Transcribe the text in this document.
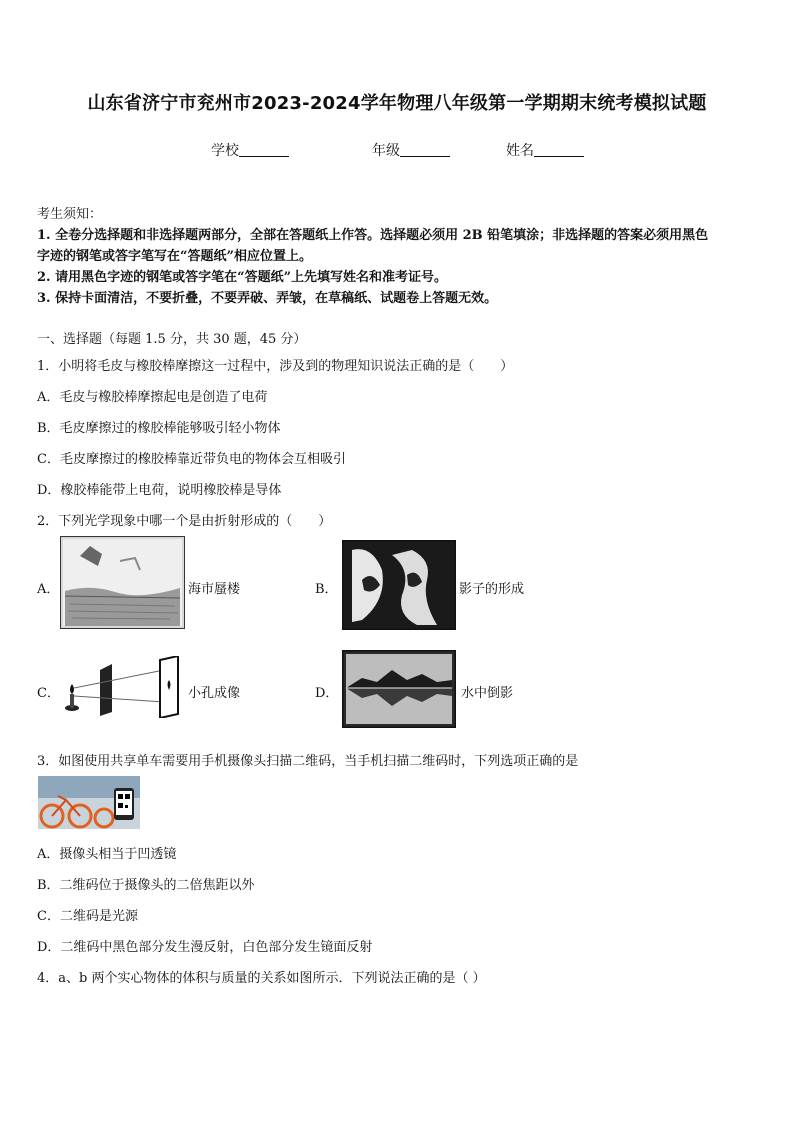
山东省济宁市兖州市2023-2024学年物理八年级第一学期期末统考模拟试题
学校	年级	姓名
考生须知：
1. 全卷分选择题和非选择题两部分，全部在答题纸上作答。选择题必须用 2B 铅笔填涂；非选择题的答案必须用黑色
字迹的钢笔或答字笔写在“答题纸”相应位置上。
2. 请用黑色字迹的钢笔或答字笔在“答题纸”上先填写姓名和准考证号。
3. 保持卡面清洁，不要折叠，不要弄破、弄皱，在草稿纸、试题卷上答题无效。
一、选择题（每题 1.5 分，共 30 题，45 分）
1．小明将毛皮与橡胶棒摩擦这一过程中，涉及到的物理知识说法正确的是（　　）
A．毛皮与橡胶棒摩擦起电是创造了电荷
B．毛皮摩擦过的橡胶棒能够吸引轻小物体
C．毛皮摩擦过的橡胶棒靠近带负电的物体会互相吸引
D．橡胶棒能带上电荷，说明橡胶棒是导体
2．下列光学现象中哪一个是由折射形成的（　　）
A．	海市蜃楼	B．	影子的形成
C．	小孔成像	D．	水中倒影
3．如图使用共享单车需要用手机摄像头扫描二维码，当手机扫描二维码时，下列选项正确的是
A．摄像头相当于凹透镜
B．二维码位于摄像头的二倍焦距以外
C．二维码是光源
D．二维码中黑色部分发生漫反射，白色部分发生镜面反射
4．a、b 两个实心物体的体积与质量的关系如图所示．下列说法正确的是（ ）
